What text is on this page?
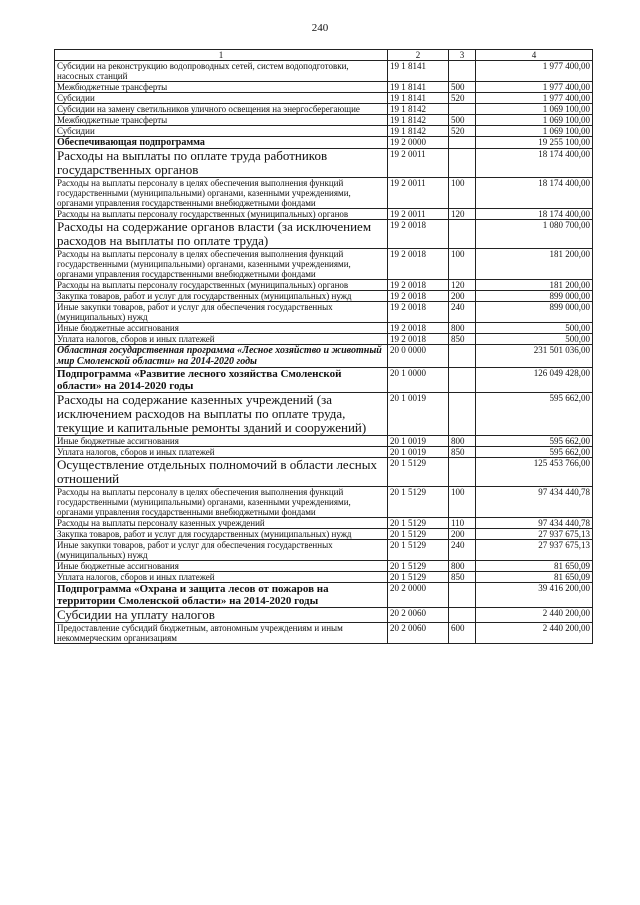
240
1	2	3	4
Субсидии на реконструкцию водопроводных сетей, систем водоподготовки, насосных станций	19 1 8141		1 977 400,00
Межбюджетные трансферты	19 1 8141	500	1 977 400,00
Субсидии	19 1 8141	520	1 977 400,00
Субсидии на замену светильников уличного освещения на энергосберегающие	19 1 8142		1 069 100,00
Межбюджетные трансферты	19 1 8142	500	1 069 100,00
Субсидии	19 1 8142	520	1 069 100,00
Обеспечивающая подпрограмма	19 2 0000		19 255 100,00
Расходы на выплаты по оплате труда работников государственных органов	19 2 0011		18 174 400,00
Расходы на выплаты персоналу в целях обеспечения выполнения функций государственными (муниципальными) органами, казенными учреждениями, органами управления государственными внебюджетными фондами	19 2 0011	100	18 174 400,00
Расходы на выплаты персоналу государственных (муниципальных) органов	19 2 0011	120	18 174 400,00
Расходы на содержание органов власти (за исключением расходов на выплаты по оплате труда)	19 2 0018		1 080 700,00
Расходы на выплаты персоналу в целях обеспечения выполнения функций государственными (муниципальными) органами, казенными учреждениями, органами управления государственными внебюджетными фондами	19 2 0018	100	181 200,00
Расходы на выплаты персоналу государственных (муниципальных) органов	19 2 0018	120	181 200,00
Закупка товаров, работ и услуг для государственных (муниципальных) нужд	19 2 0018	200	899 000,00
Иные закупки товаров, работ и услуг для обеспечения государственных (муниципальных) нужд	19 2 0018	240	899 000,00
Иные бюджетные ассигнования	19 2 0018	800	500,00
Уплата налогов, сборов и иных платежей	19 2 0018	850	500,00
Областная государственная программа «Лесное хозяйство и животный мир Смоленской области» на 2014-2020 годы	20 0 0000		231 501 036,00
Подпрограмма «Развитие лесного хозяйства Смоленской области» на 2014-2020 годы	20 1 0000		126 049 428,00
Расходы на содержание казенных учреждений (за исключением расходов на выплаты по оплате труда, текущие и капитальные ремонты зданий и сооружений)	20 1 0019		595 662,00
Иные бюджетные ассигнования	20 1 0019	800	595 662,00
Уплата налогов, сборов и иных платежей	20 1 0019	850	595 662,00
Осуществление отдельных полномочий в области лесных отношений	20 1 5129		125 453 766,00
Расходы на выплаты персоналу в целях обеспечения выполнения функций государственными (муниципальными) органами, казенными учреждениями, органами управления государственными внебюджетными фондами	20 1 5129	100	97 434 440,78
Расходы на выплаты персоналу казенных учреждений	20 1 5129	110	97 434 440,78
Закупка товаров, работ и услуг для государственных (муниципальных) нужд	20 1 5129	200	27 937 675,13
Иные закупки товаров, работ и услуг для обеспечения государственных (муниципальных) нужд	20 1 5129	240	27 937 675,13
Иные бюджетные ассигнования	20 1 5129	800	81 650,09
Уплата налогов, сборов и иных платежей	20 1 5129	850	81 650,09
Подпрограмма «Охрана и защита лесов от пожаров на территории Смоленской области» на 2014-2020 годы	20 2 0000		39 416 200,00
Субсидии на уплату налогов	20 2 0060		2 440 200,00
Предоставление субсидий бюджетным, автономным учреждениям и иным некоммерческим организациям	20 2 0060	600	2 440 200,00
